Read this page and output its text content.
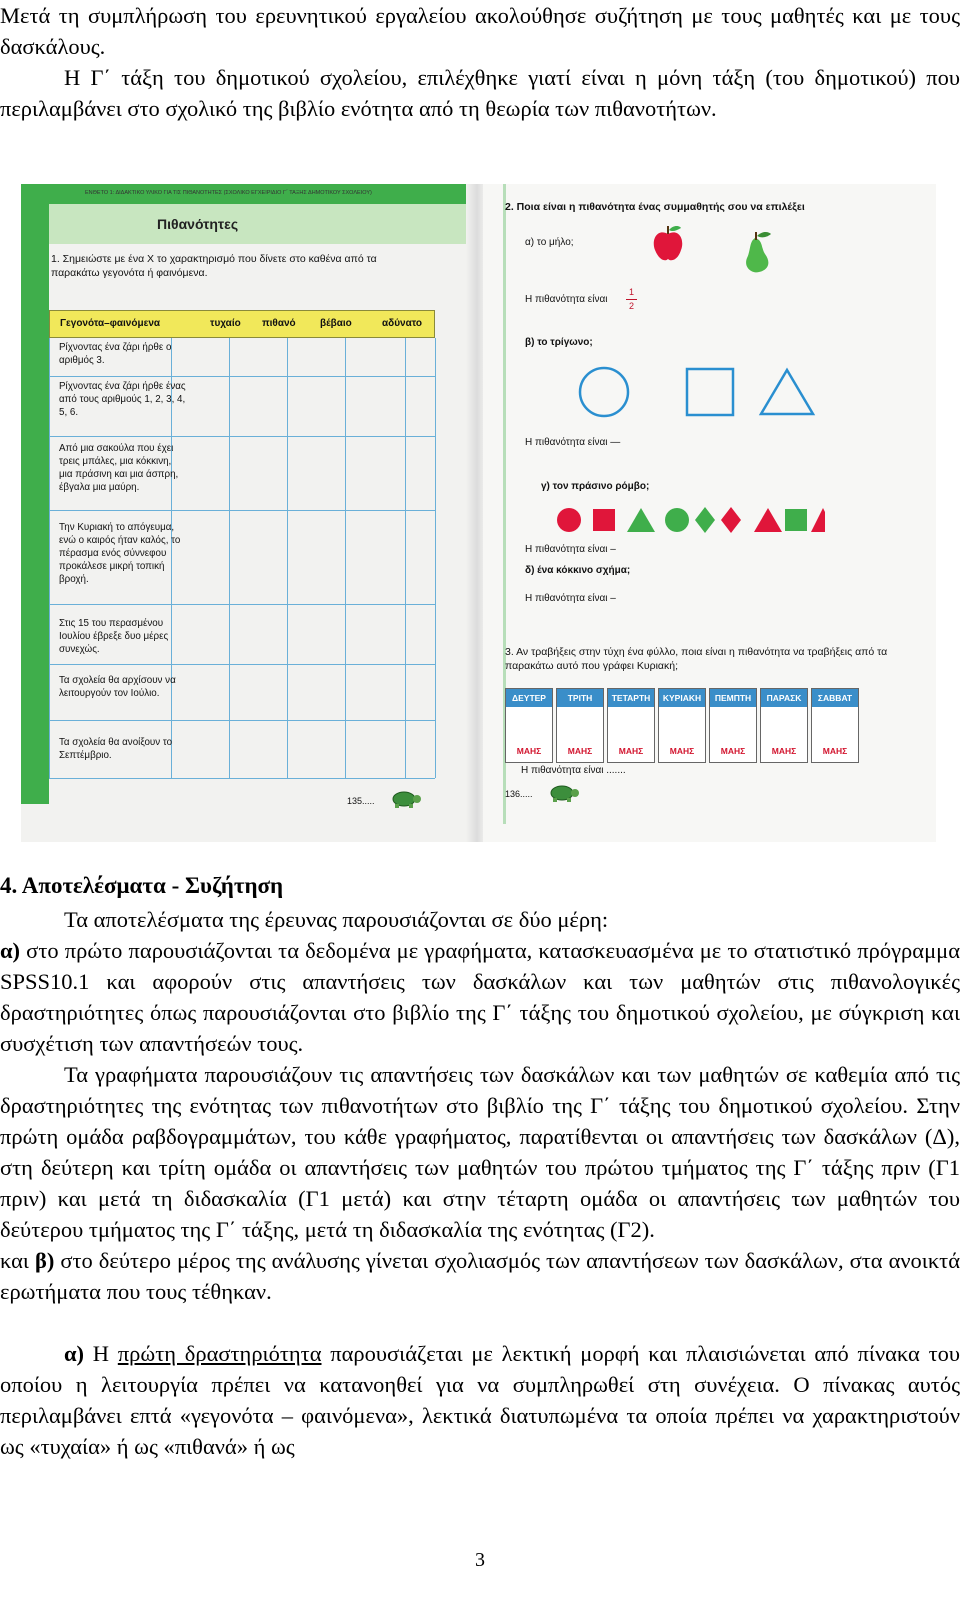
Μετά τη συμπλήρωση του ερευνητικού εργαλείου ακολούθησε συζήτηση με τους μαθητές και με τους δασκάλους.

Η Γ΄ τάξη του δημοτικού σχολείου, επιλέχθηκε γιατί είναι η μόνη τάξη (του δημοτικού) που περιλαμβάνει στο σχολικό της βιβλίο ενότητα από τη θεωρία των πιθανοτήτων.

ΕΝΘΕΤΟ 1: ΔΙΔΑΚΤΙΚΟ ΥΛΙΚΟ ΓΙΑ ΤΙΣ ΠΙΘΑΝΟΤΗΤΕΣ (ΣΧΟΛΙΚΟ ΕΓΧΕΙΡΙΔΙΟ Γ΄ ΤΑΞΗΣ ΔΗΜΟΤΙΚΟΥ ΣΧΟΛΕΙΟΥ)
Πιθανότητες
1. Σημειώστε με ένα Χ το χαρακτηρισμό που δίνετε στο καθένα από τα παρακάτω γεγονότα ή φαινόμενα.
Γεγονότα–φαινόμενα	τυχαίο πιθανό βέβαιο	αδύνατο
Ρίχνοντας ένα ζάρι ήρθε ο αριθμός 3.
Ρίχνοντας ένα ζάρι ήρθε ένας από τους αριθμούς 1, 2, 3, 4, 5, 6.
Από μια σακούλα που έχει τρεις μπάλες, μια κόκκινη, μια πράσινη και μια άσπρη, έβγαλα μια μαύρη.
Την Κυριακή το απόγευμα, ενώ ο καιρός ήταν καλός, το πέρασμα ενός σύννεφου προκάλεσε μικρή τοπική βροχή.
Στις 15 του περασμένου Ιουλίου έβρεξε δυο μέρες συνεχώς.
Τα σχολεία θα αρχίσουν να λειτουργούν τον Ιούλιο.
Τα σχολεία θα ανοίξουν το Σεπτέμβριο.
135.....
2. Ποια είναι η πιθανότητα ένας συμμαθητής σου να επιλέξει
α) το μήλο;
Η πιθανότητα είναι
1
2
β) το τρίγωνο;
Η πιθανότητα είναι —
γ) τον πράσινο ρόμβο;
Η πιθανότητα είναι –
δ) ένα κόκκινο σχήμα;
Η πιθανότητα είναι –
3. Αν τραβήξεις στην τύχη ένα φύλλο, ποια είναι η πιθανότητα να τραβήξεις από τα παρακάτω αυτό που γράφει Κυριακή;
ΔΕΥΤΕΡ
ΜΑΗΣ
ΤΡΙΤΗ
ΜΑΗΣ
ΤΕΤΑΡΤΗ
ΜΑΗΣ
ΚΥΡΙΑΚΗ
ΜΑΗΣ
ΠΕΜΠΤΗ
ΜΑΗΣ
ΠΑΡΑΣΚ
ΜΑΗΣ
ΣΑΒΒΑΤ
ΜΑΗΣ
Η πιθανότητα είναι .......
136.....
4. Αποτελέσματα - Συζήτηση

Τα αποτελέσματα της έρευνας παρουσιάζονται σε δύο μέρη:

α) στο πρώτο παρουσιάζονται τα δεδομένα με γραφήματα, κατασκευασμένα με το στατιστικό πρόγραμμα SPSS10.1 και αφορούν στις απαντήσεις των δασκάλων και των μαθητών στις πιθανολογικές δραστηριότητες όπως παρουσιάζονται στο βιβλίο της Γ΄ τάξης του δημοτικού σχολείου, με σύγκριση και συσχέτιση των απαντήσεών τους.

Τα γραφήματα παρουσιάζουν τις απαντήσεις των δασκάλων και των μαθητών σε καθεμία από τις δραστηριότητες της ενότητας των πιθανοτήτων στο βιβλίο της Γ΄ τάξης του δημοτικού σχολείου. Στην πρώτη ομάδα ραβδογραμμάτων, του κάθε γραφήματος, παρατίθενται οι απαντήσεις των δασκάλων (Δ), στη δεύτερη και τρίτη ομάδα οι απαντήσεις των μαθητών του πρώτου τμήματος της Γ΄ τάξης πριν (Γ1 πριν) και μετά τη διδασκαλία (Γ1 μετά) και στην τέταρτη ομάδα οι απαντήσεις των μαθητών του δεύτερου τμήματος της Γ΄ τάξης, μετά τη διδασκαλία της ενότητας (Γ2).

και β) στο δεύτερο μέρος της ανάλυσης γίνεται σχολιασμός των απαντήσεων των δασκάλων, στα ανοικτά ερωτήματα που τους τέθηκαν.

α) Η πρώτη δραστηριότητα παρουσιάζεται με λεκτική μορφή και πλαισιώνεται από πίνακα του οποίου η λειτουργία πρέπει να κατανοηθεί για να συμπληρωθεί στη συνέχεια. Ο πίνακας αυτός περιλαμβάνει επτά «γεγονότα – φαινόμενα», λεκτικά διατυπωμένα τα οποία πρέπει να χαρακτηριστούν ως «τυχαία» ή ως «πιθανά» ή ως

3
